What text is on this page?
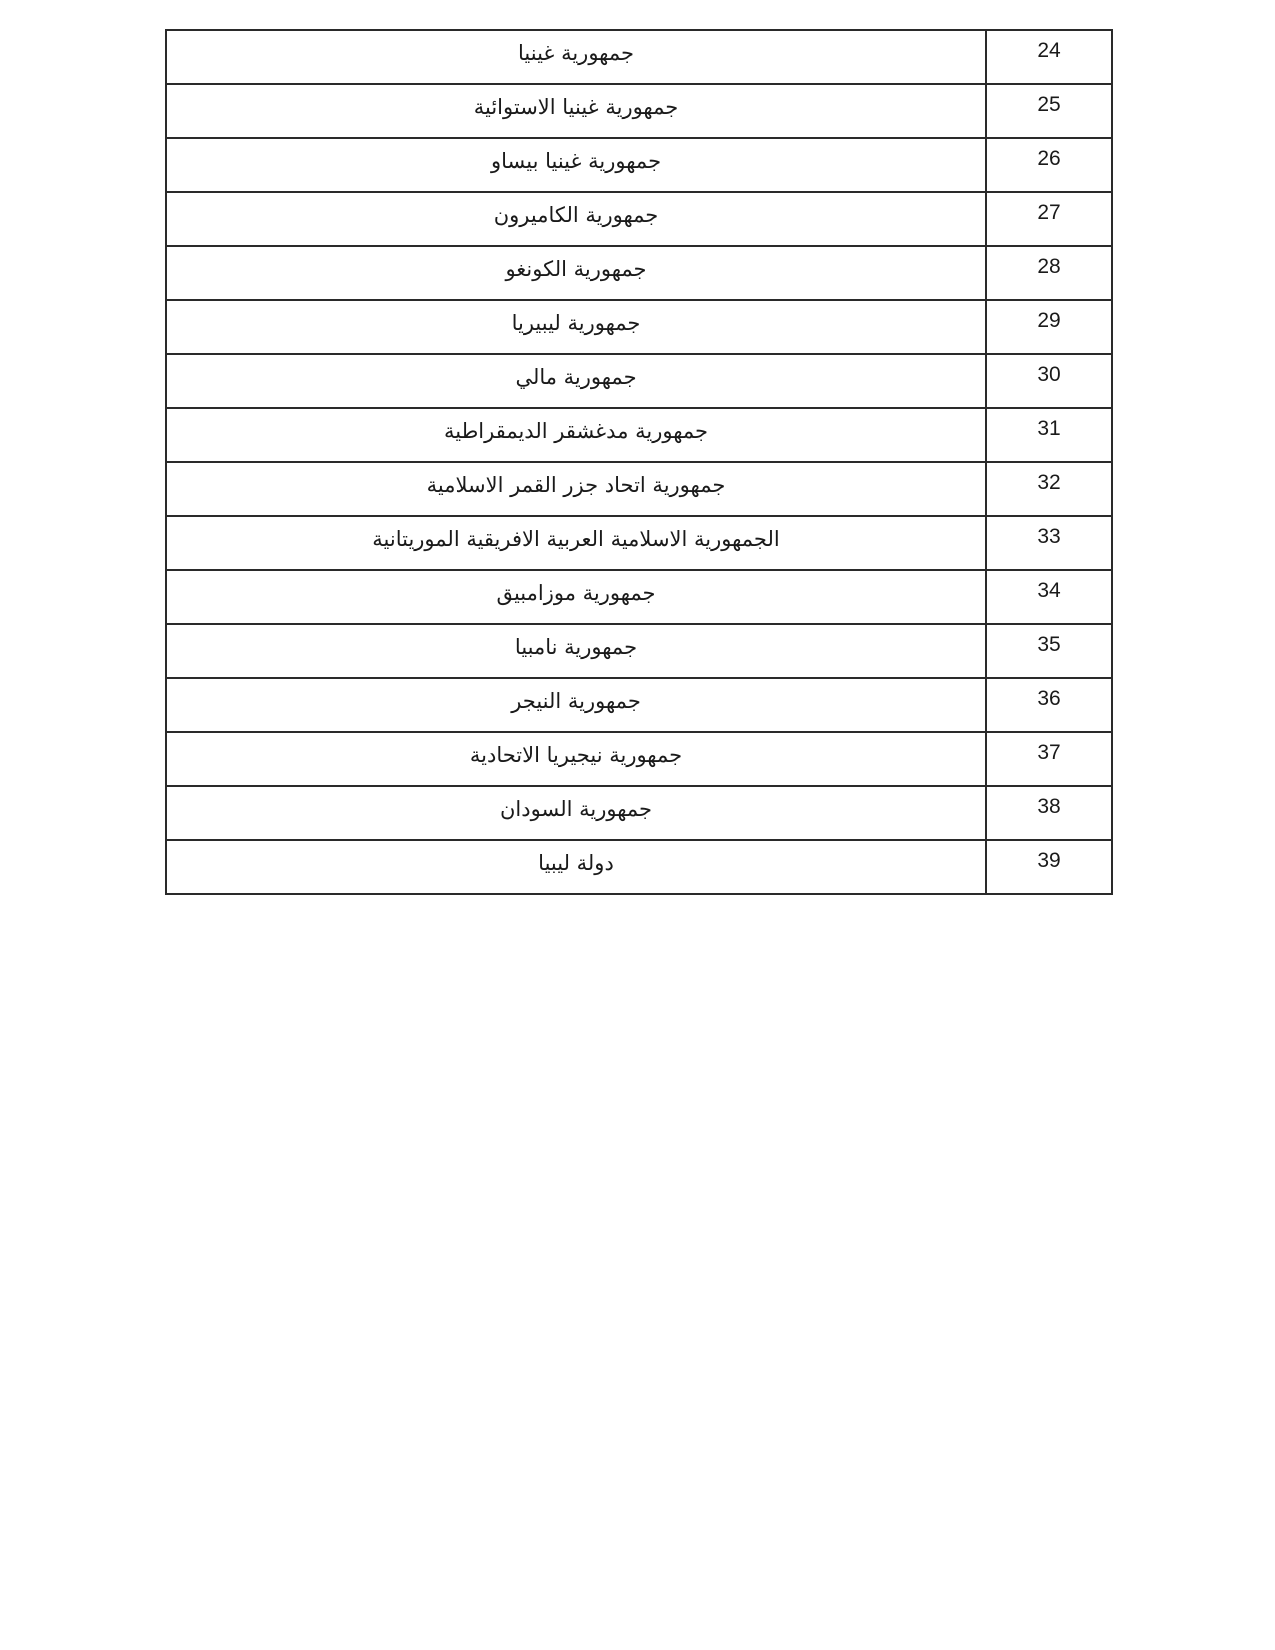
جمهورية غينيا	24
جمهورية غينيا الاستوائية	25
جمهورية غينيا بيساو	26
جمهورية الكاميرون	27
جمهورية الكونغو	28
جمهورية ليبيريا	29
جمهورية مالي	30
جمهورية مدغشقر الديمقراطية	31
جمهورية اتحاد جزر القمر الاسلامية	32
الجمهورية الاسلامية العربية الافريقية الموريتانية	33
جمهورية موزامبيق	34
جمهورية نامبيا	35
جمهورية النيجر	36
جمهورية نيجيريا الاتحادية	37
جمهورية السودان	38
دولة ليبيا	39
